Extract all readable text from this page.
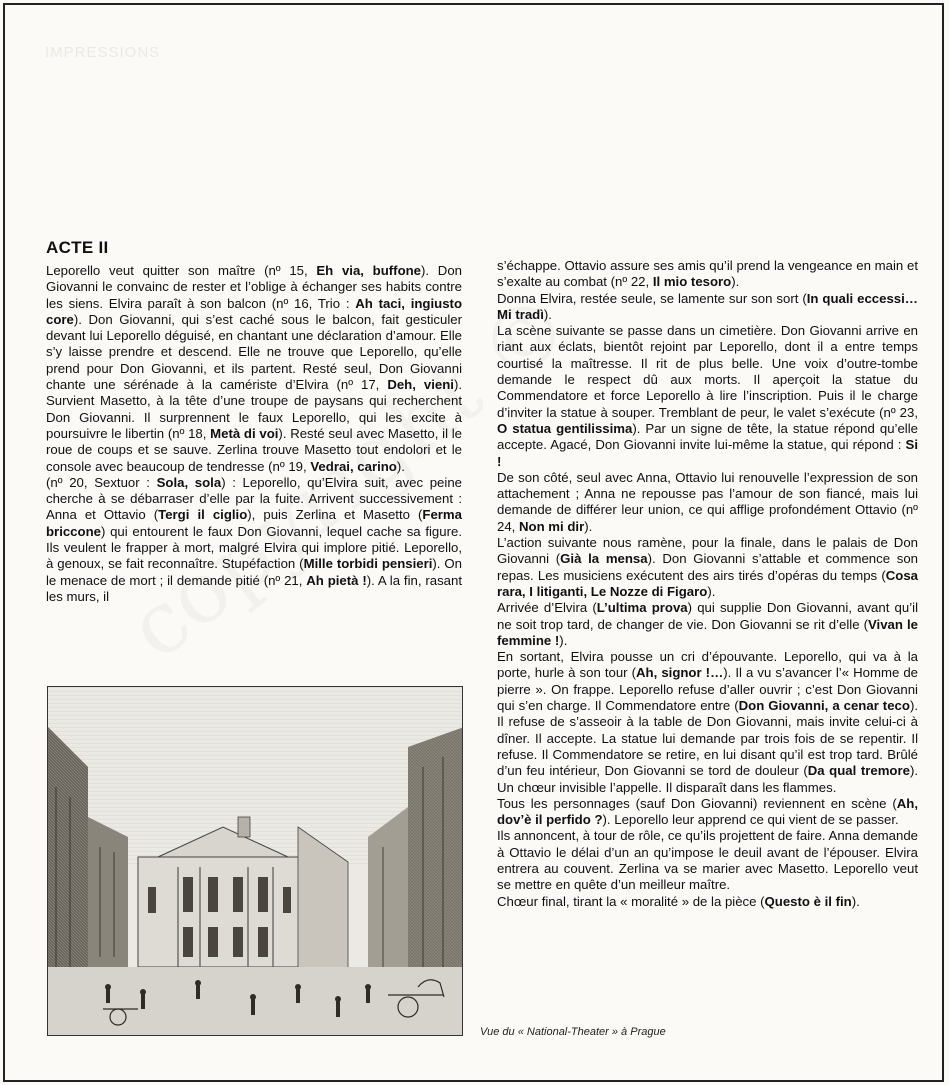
IMPRESSIONS
ACTE II

Leporello veut quitter son maître (nº 15, Eh via, buffone). Don Giovanni le convainc de rester et l’oblige à échanger ses habits contre les siens. Elvira paraît à son balcon (nº 16, Trio : Ah taci, ingiusto core). Don Giovanni, qui s’est caché sous le balcon, fait gesticuler devant lui Leporello déguisé, en chantant une déclaration d’amour. Elle s’y laisse prendre et descend. Elle ne trouve que Leporello, qu’elle prend pour Don Giovanni, et ils partent. Resté seul, Don Giovanni chante une sérénade à la camériste d’Elvira (nº 17, Deh, vieni). Survient Masetto, à la tête d’une troupe de paysans qui recherchent Don Giovanni. Il surprennent le faux Leporello, qui les excite à poursuivre le libertin (nº 18, Metà di voi). Resté seul avec Masetto, il le roue de coups et se sauve. Zerlina trouve Masetto tout endolori et le console avec beaucoup de tendresse (nº 19, Vedrai, carino).

(nº 20, Sextuor : Sola, sola) : Leporello, qu’Elvira suit, avec peine cherche à se débarraser d’elle par la fuite. Arrivent successivement : Anna et Ottavio (Tergi il ciglio), puis Zerlina et Masetto (Ferma briccone) qui entourent le faux Don Giovanni, lequel cache sa figure. Ils veulent le frapper à mort, malgré Elvira qui implore pitié. Leporello, à genoux, se fait reconnaître. Stupéfaction (Mille torbidi pensieri). On le menace de mort ; il demande pitié (nº 21, Ah pietà !). A la fin, rasant les murs, il

s’échappe. Ottavio assure ses amis qu’il prend la vengeance en main et s’exalte au combat (nº 22, Il mio tesoro).

Donna Elvira, restée seule, se lamente sur son sort (In quali eccessi… Mi tradì).

La scène suivante se passe dans un cimetière. Don Giovanni arrive en riant aux éclats, bientôt rejoint par Leporello, dont il a entre temps courtisé la maîtresse. Il rit de plus belle. Une voix d’outre-tombe demande le respect dû aux morts. Il aperçoit la statue du Commendatore et force Leporello à lire l’inscription. Puis il le charge d’inviter la statue à souper. Tremblant de peur, le valet s’exécute (nº 23, O statua gentilissima). Par un signe de tête, la statue répond qu’elle accepte. Agacé, Don Giovanni invite lui-même la statue, qui répond : Si !

De son côté, seul avec Anna, Ottavio lui renouvelle l’expression de son attachement ; Anna ne repousse pas l’amour de son fiancé, mais lui demande de différer leur union, ce qui afflige profondément Ottavio (nº 24, Non mi dir).

L’action suivante nous ramène, pour la finale, dans le palais de Don Giovanni (Già la mensa). Don Giovanni s’attable et commence son repas. Les musiciens exécutent des airs tirés d’opéras du temps (Cosa rara, I litiganti, Le Nozze di Figaro).

Arrivée d’Elvira (L’ultima prova) qui supplie Don Giovanni, avant qu’il ne soit trop tard, de changer de vie. Don Giovanni se rit d’elle (Vivan le femmine !).

En sortant, Elvira pousse un cri d’épouvante. Leporello, qui va à la porte, hurle à son tour (Ah, signor !…). Il a vu s’avancer l’« Homme de pierre ». On frappe. Leporello refuse d’aller ouvrir ; c’est Don Giovanni qui s’en charge. Il Commendatore entre (Don Giovanni, a cenar teco). Il refuse de s’asseoir à la table de Don Giovanni, mais invite celui-ci à dîner. Il accepte. La statue lui demande par trois fois de se repentir. Il refuse. Il Commendatore se retire, en lui disant qu’il est trop tard. Brûlé d’un feu intérieur, Don Giovanni se tord de douleur (Da qual tremore). Un chœur invisible l’appelle. Il disparaît dans les flammes.

Tous les personnages (sauf Don Giovanni) reviennent en scène (Ah, dov’è il perfido ?). Leporello leur apprend ce qui vient de se passer.

Ils annoncent, à tour de rôle, ce qu’ils projettent de faire. Anna demande à Ottavio le délai d’un an qu’impose le deuil avant de l’épouser. Elvira entrera au couvent. Zerlina va se marier avec Masetto. Leporello veut se mettre en quête d’un meilleur maître.

Chœur final, tirant la « moralité » de la pièce (Questo è il fin).

Vue du « National-Theater » à Prague
